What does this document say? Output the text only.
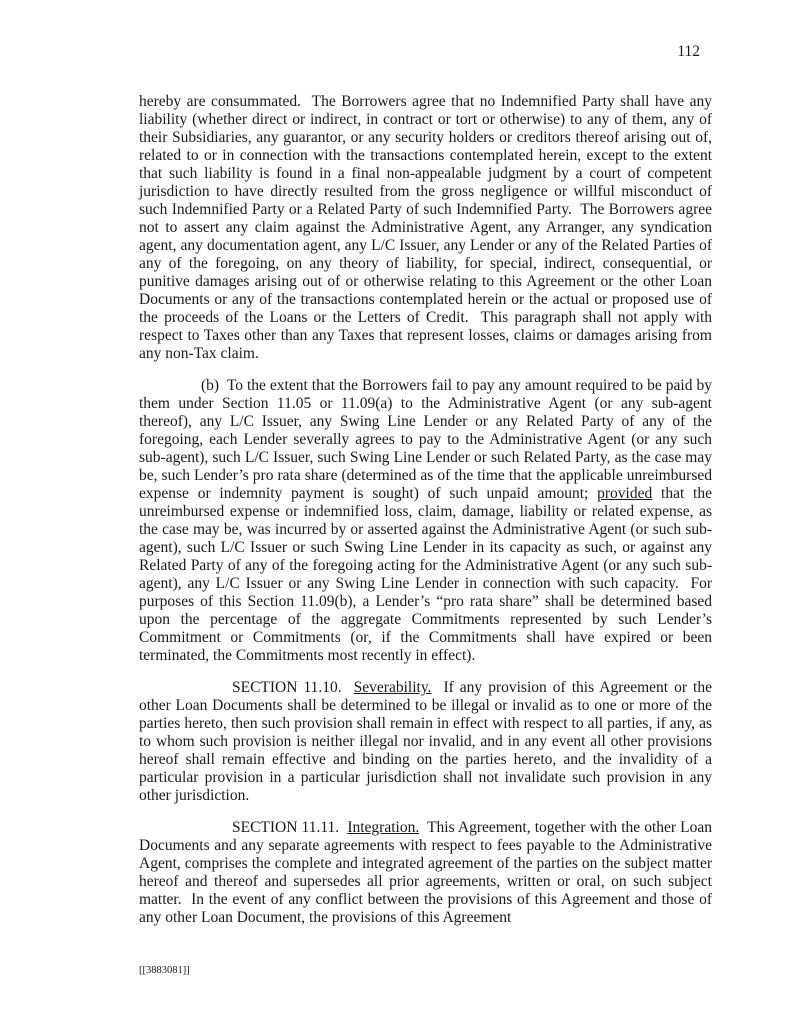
112

hereby are consummated.  The Borrowers agree that no Indemnified Party shall have any liability (whether direct or indirect, in contract or tort or otherwise) to any of them, any of their Subsidiaries, any guarantor, or any security holders or creditors thereof arising out of, related to or in connection with the transactions contemplated herein, except to the extent that such liability is found in a final non-appealable judgment by a court of competent jurisdiction to have directly resulted from the gross negligence or willful misconduct of such Indemnified Party or a Related Party of such Indemnified Party.  The Borrowers agree not to assert any claim against the Administrative Agent, any Arranger, any syndication agent, any documentation agent, any L/C Issuer, any Lender or any of the Related Parties of any of the foregoing, on any theory of liability, for special, indirect, consequential, or punitive damages arising out of or otherwise relating to this Agreement or the other Loan Documents or any of the transactions contemplated herein or the actual or proposed use of the proceeds of the Loans or the Letters of Credit.  This paragraph shall not apply with respect to Taxes other than any Taxes that represent losses, claims or damages arising from any non-Tax claim.

(b)  To the extent that the Borrowers fail to pay any amount required to be paid by them under Section 11.05 or 11.09(a) to the Administrative Agent (or any sub-agent thereof), any L/C Issuer, any Swing Line Lender or any Related Party of any of the foregoing, each Lender severally agrees to pay to the Administrative Agent (or any such sub-agent), such L/C Issuer, such Swing Line Lender or such Related Party, as the case may be, such Lender’s pro rata share (determined as of the time that the applicable unreimbursed expense or indemnity payment is sought) of such unpaid amount; provided that the unreimbursed expense or indemnified loss, claim, damage, liability or related expense, as the case may be, was incurred by or asserted against the Administrative Agent (or such sub-agent), such L/C Issuer or such Swing Line Lender in its capacity as such, or against any Related Party of any of the foregoing acting for the Administrative Agent (or any such sub-agent), any L/C Issuer or any Swing Line Lender in connection with such capacity.  For purposes of this Section 11.09(b), a Lender’s “pro rata share” shall be determined based upon the percentage of the aggregate Commitments represented by such Lender’s Commitment or Commitments (or, if the Commitments shall have expired or been terminated, the Commitments most recently in effect).

SECTION 11.10.  Severability.  If any provision of this Agreement or the other Loan Documents shall be determined to be illegal or invalid as to one or more of the parties hereto, then such provision shall remain in effect with respect to all parties, if any, as to whom such provision is neither illegal nor invalid, and in any event all other provisions hereof shall remain effective and binding on the parties hereto, and the invalidity of a particular provision in a particular jurisdiction shall not invalidate such provision in any other jurisdiction.

SECTION 11.11.  Integration.  This Agreement, together with the other Loan Documents and any separate agreements with respect to fees payable to the Administrative Agent, comprises the complete and integrated agreement of the parties on the subject matter hereof and thereof and supersedes all prior agreements, written or oral, on such subject matter.  In the event of any conflict between the provisions of this Agreement and those of any other Loan Document, the provisions of this Agreement

[[3883081]]
